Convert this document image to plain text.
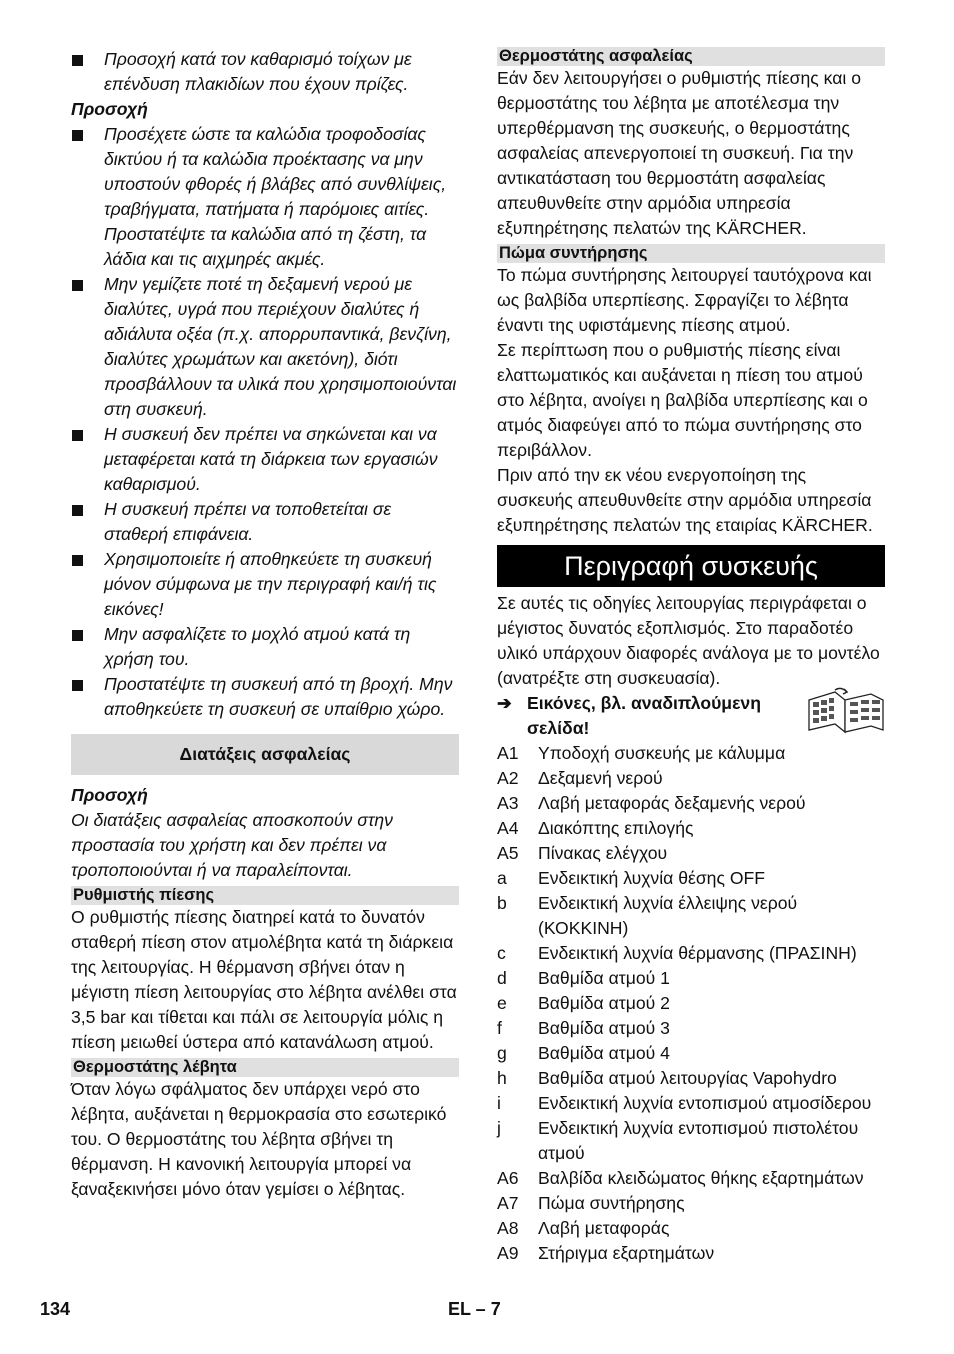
Προσοχή κατά τον καθαρισμό τοίχων με επένδυση πλακιδίων που έχουν πρίζες.
Προσοχή
Προσέχετε ώστε τα καλώδια τροφοδοσίας δικτύου ή τα καλώδια προέκτασης να μην υποστούν φθορές ή βλάβες από συνθλίψεις, τραβήγματα, πατήματα ή παρόμοιες αιτίες. Προστατέψτε τα καλώδια από τη ζέστη, τα λάδια και τις αιχμηρές ακμές.
Μην γεμίζετε ποτέ τη δεξαμενή νερού με διαλύτες, υγρά που περιέχουν διαλύτες ή αδιάλυτα οξέα (π.χ. απορρυπαντικά, βενζίνη, διαλύτες χρωμάτων και ακετόνη), διότι προσβάλλουν τα υλικά που χρησιμοποιούνται στη συσκευή.
Η συσκευή δεν πρέπει να σηκώνεται και να μεταφέρεται κατά τη διάρκεια των εργασιών καθαρισμού.
Η συσκευή πρέπει να τοποθετείται σε σταθερή επιφάνεια.
Χρησιμοποιείτε ή αποθηκεύετε τη συσκευή μόνον σύμφωνα με την περιγραφή και/ή τις εικόνες!
Μην ασφαλίζετε το μοχλό ατμού κατά τη χρήση του.
Προστατέψτε τη συσκευή από τη βροχή. Μην αποθηκεύετε τη συσκευή σε υπαίθριο χώρο.
Διατάξεις ασφαλείας
Προσοχή
Οι διατάξεις ασφαλείας αποσκοπούν στην προστασία του χρήστη και δεν πρέπει να τροποποιούνται ή να παραλείπονται.
Ρυθμιστής πίεσης
Ο ρυθμιστής πίεσης διατηρεί κατά το δυνατόν σταθερή πίεση στον ατμολέβητα κατά τη διάρκεια της λειτουργίας. Η θέρμανση σβήνει όταν η μέγιστη πίεση λειτουργίας στο λέβητα ανέλθει στα 3,5 bar και τίθεται και πάλι σε λειτουργία μόλις η πίεση μειωθεί ύστερα από κατανάλωση ατμού.
Θερμοστάτης λέβητα
Όταν λόγω σφάλματος δεν υπάρχει νερό στο λέβητα, αυξάνεται η θερμοκρασία στο εσωτερικό του. Ο θερμοστάτης του λέβητα σβήνει τη θέρμανση. Η κανονική λειτουργία μπορεί να ξαναξεκινήσει μόνο όταν γεμίσει ο λέβητας.
Θερμοστάτης ασφαλείας
Εάν δεν λειτουργήσει ο ρυθμιστής πίεσης και ο θερμοστάτης του λέβητα με αποτέλεσμα την υπερθέρμανση της συσκευής, ο θερμοστάτης ασφαλείας απενεργοποιεί τη συσκευή. Για την αντικατάσταση του θερμοστάτη ασφαλείας απευθυνθείτε στην αρμόδια υπηρεσία εξυπηρέτησης πελατών της KÄRCHER.
Πώμα συντήρησης
Το πώμα συντήρησης λειτουργεί ταυτόχρονα και ως βαλβίδα υπερπίεσης. Σφραγίζει το λέβητα έναντι της υφιστάμενης πίεσης ατμού.
Σε περίπτωση που ο ρυθμιστής πίεσης είναι ελαττωματικός και αυξάνεται η πίεση του ατμού στο λέβητα, ανοίγει η βαλβίδα υπερπίεσης και ο ατμός διαφεύγει από το πώμα συντήρησης στο περιβάλλον.
Πριν από την εκ νέου ενεργοποίηση της συσκευής απευθυνθείτε στην αρμόδια υπηρεσία εξυπηρέτησης πελατών της εταιρίας KÄRCHER.
Περιγραφή συσκευής
Σε αυτές τις οδηγίες λειτουργίας περιγράφεται ο μέγιστος δυνατός εξοπλισμός. Στο παραδοτέο υλικό υπάρχουν διαφορές ανάλογα με το μοντέλο (ανατρέξτε στη συσκευασία).
➔ Εικόνες, βλ. αναδιπλούμενη σελίδα!
A1	Υποδοχή συσκευής με κάλυμμα
A2	Δεξαμενή νερού
A3	Λαβή μεταφοράς δεξαμενής νερού
A4	Διακόπτης επιλογής
A5	Πίνακας ελέγχου
a	Ενδεικτική λυχνία θέσης OFF
b	Ενδεικτική λυχνία έλλειψης νερού (ΚΟΚΚΙΝΗ)
c	Ενδεικτική λυχνία θέρμανσης (ΠΡΑΣΙΝΗ)
d	Βαθμίδα ατμού 1
e	Βαθμίδα ατμού 2
f	Βαθμίδα ατμού 3
g	Βαθμίδα ατμού 4
h	Βαθμίδα ατμού λειτουργίας Vapohydro
i	Ενδεικτική λυχνία εντοπισμού ατμοσίδερου
j	Ενδεικτική λυχνία εντοπισμού πιστολέτου ατμού
A6	Βαλβίδα κλειδώματος θήκης εξαρτημάτων
A7	Πώμα συντήρησης
A8	Λαβή μεταφοράς
A9	Στήριγμα εξαρτημάτων
134	EL – 7
